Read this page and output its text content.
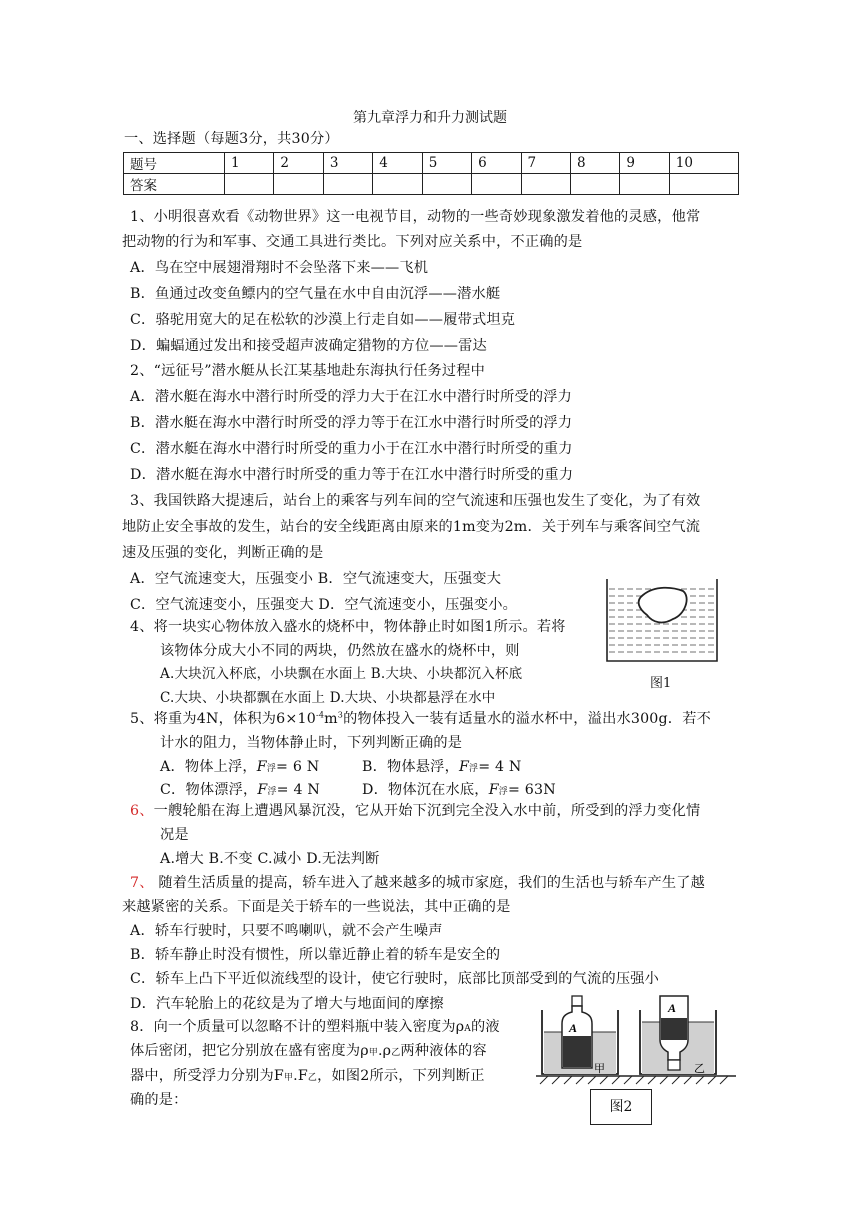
第九章浮力和升力测试题
一、选择题（每题3分，共30分）
题号	1	2	3	4	5	6	7	8	9	10
答案										
1、小明很喜欢看《动物世界》这一电视节目，动物的一些奇妙现象激发着他的灵感，他常
把动物的行为和军事、交通工具进行类比。下列对应关系中，不正确的是
A．鸟在空中展翅滑翔时不会坠落下来——飞机
B．鱼通过改变鱼鳔内的空气量在水中自由沉浮——潜水艇
C．骆驼用宽大的足在松软的沙漠上行走自如——履带式坦克
D．蝙蝠通过发出和接受超声波确定猎物的方位——雷达
2、“远征号”潜水艇从长江某基地赴东海执行任务过程中
A．潜水艇在海水中潜行时所受的浮力大于在江水中潜行时所受的浮力
B．潜水艇在海水中潜行时所受的浮力等于在江水中潜行时所受的浮力
C．潜水艇在海水中潜行时所受的重力小于在江水中潜行时所受的重力
D．潜水艇在海水中潜行时所受的重力等于在江水中潜行时所受的重力
3、我国铁路大提速后，站台上的乘客与列车间的空气流速和压强也发生了变化，为了有效
地防止安全事故的发生，站台的安全线距离由原来的1m变为2m．关于列车与乘客间空气流
速及压强的变化，判断正确的是
A．空气流速变大，压强变小 B．空气流速变大，压强变大
C．空气流速变小，压强变大 D．空气流速变小，压强变小。
图1
4、将一块实心物体放入盛水的烧杯中，物体静止时如图1所示。若将
该物体分成大小不同的两块，仍然放在盛水的烧杯中，则
A.大块沉入杯底，小块飘在水面上 B.大块、小块都沉入杯底
C.大块、小块都飘在水面上 D.大块、小块都悬浮在水中
5、将重为4N，体积为$6\times 10^{-4}m^3$的物体投入一装有适量水的溢水杯中，溢出水300g．若不
计水的阻力，当物体静止时，下列判断正确的是
A．物体上浮，F浮= 6 N	B．物体悬浮，F浮= 4 N
C．物体漂浮，F浮= 4 N	D．物体沉在水底，F浮= 63N
6、一艘轮船在海上遭遇风暴沉没，它从开始下沉到完全没入水中前，所受到的浮力变化情
况是
A.增大 B.不变 C.减小 D.无法判断
7、 随着生活质量的提高，轿车进入了越来越多的城市家庭，我们的生活也与轿车产生了越
来越紧密的关系。下面是关于轿车的一些说法，其中正确的是
A．轿车行驶时，只要不鸣喇叭，就不会产生噪声
B．轿车静止时没有惯性，所以靠近静止着的轿车是安全的
C．轿车上凸下平近似流线型的设计，使它行驶时，底部比顶部受到的气流的压强小
D．汽车轮胎上的花纹是为了增大与地面间的摩擦
8．向一个质量可以忽略不计的塑料瓶中装入密度为ρA的液
体后密闭，把它分别放在盛有密度为ρ甲.ρ乙两种液体的容
器中，所受浮力分别为F甲.F乙，如图2所示，下列判断正
确的是：
A
甲
A
乙
图2
